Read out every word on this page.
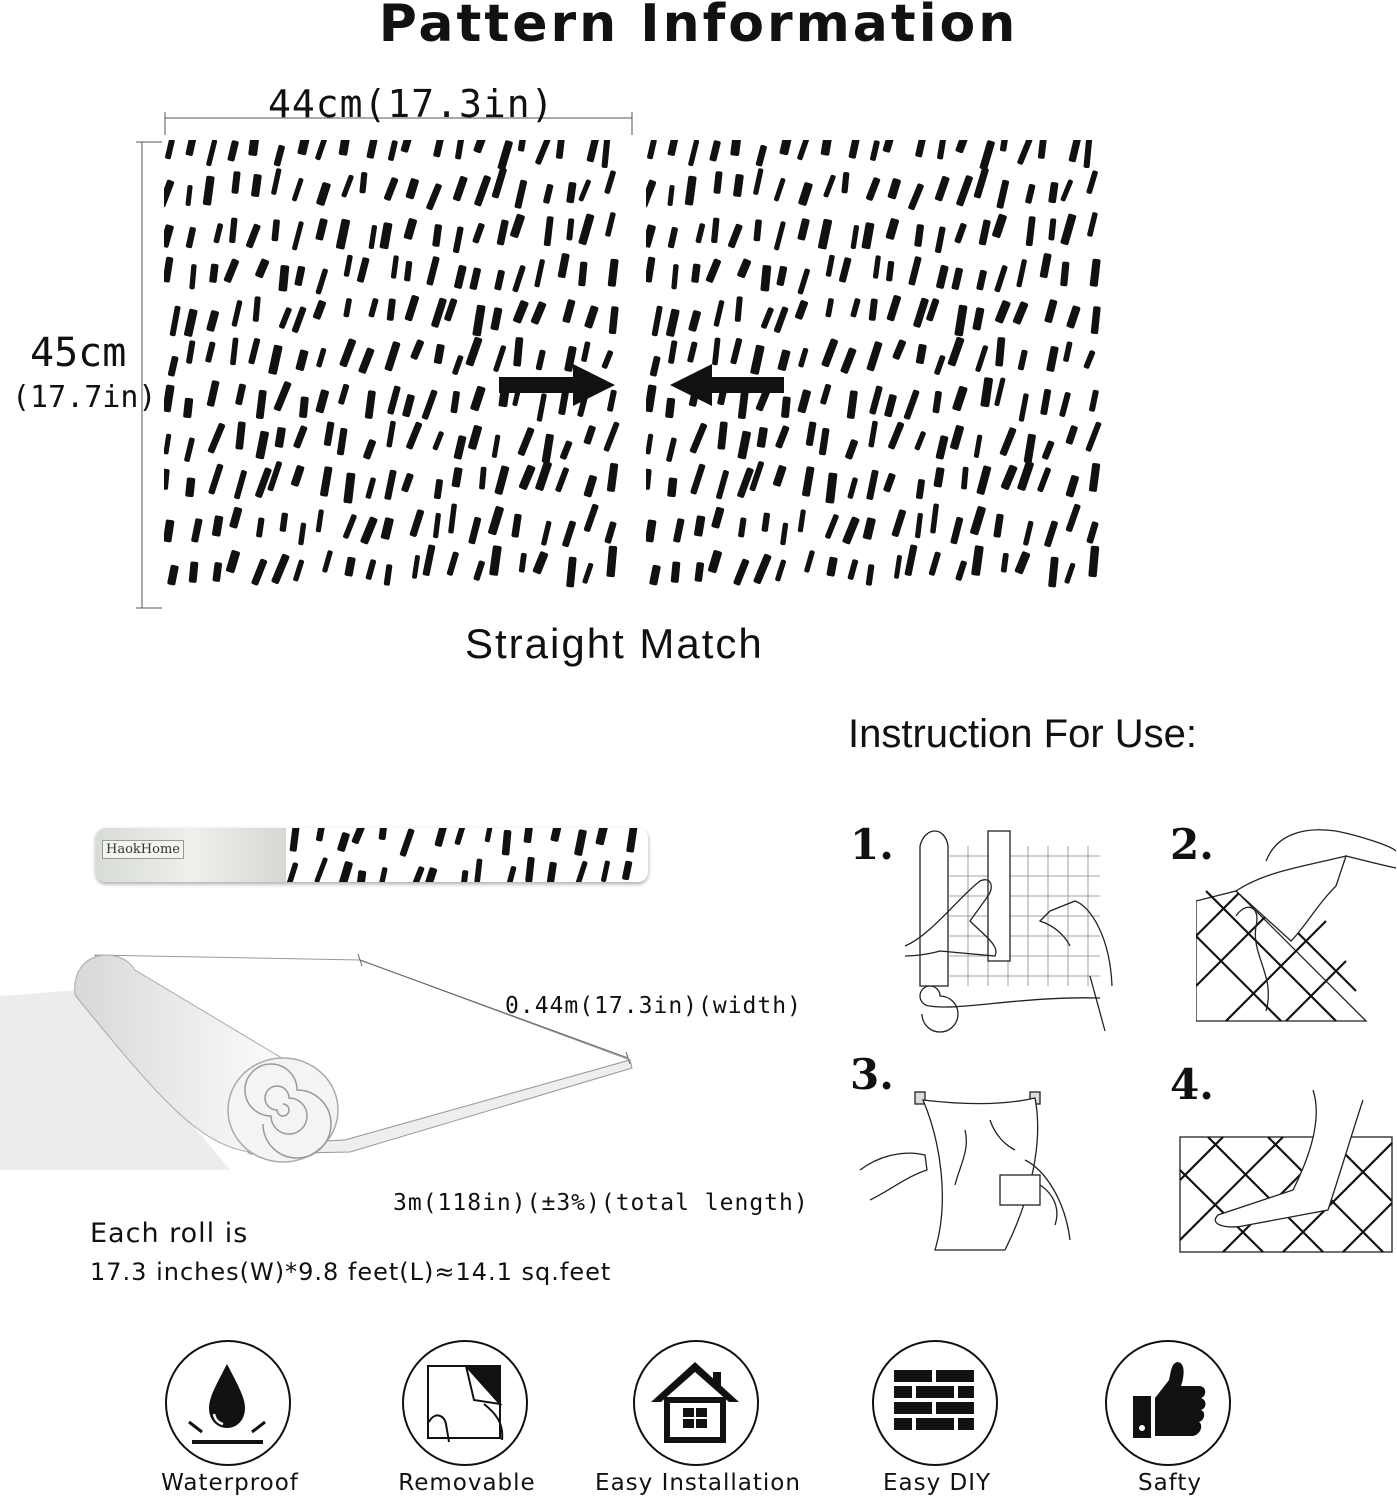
Pattern Information
44cm(17.3in)
45cm
(17.7in)
Straight Match
Instruction For Use:
HaokHome
0.44m(17.3in)(width)
3m(118in)(±3%)(total length)
Each roll is
17.3 inches(W)*9.8 feet(L)≈14.1 sq.feet
1.	2.
3.	4.
Waterproof	Removable	Easy Installation	Easy DIY	Safty
